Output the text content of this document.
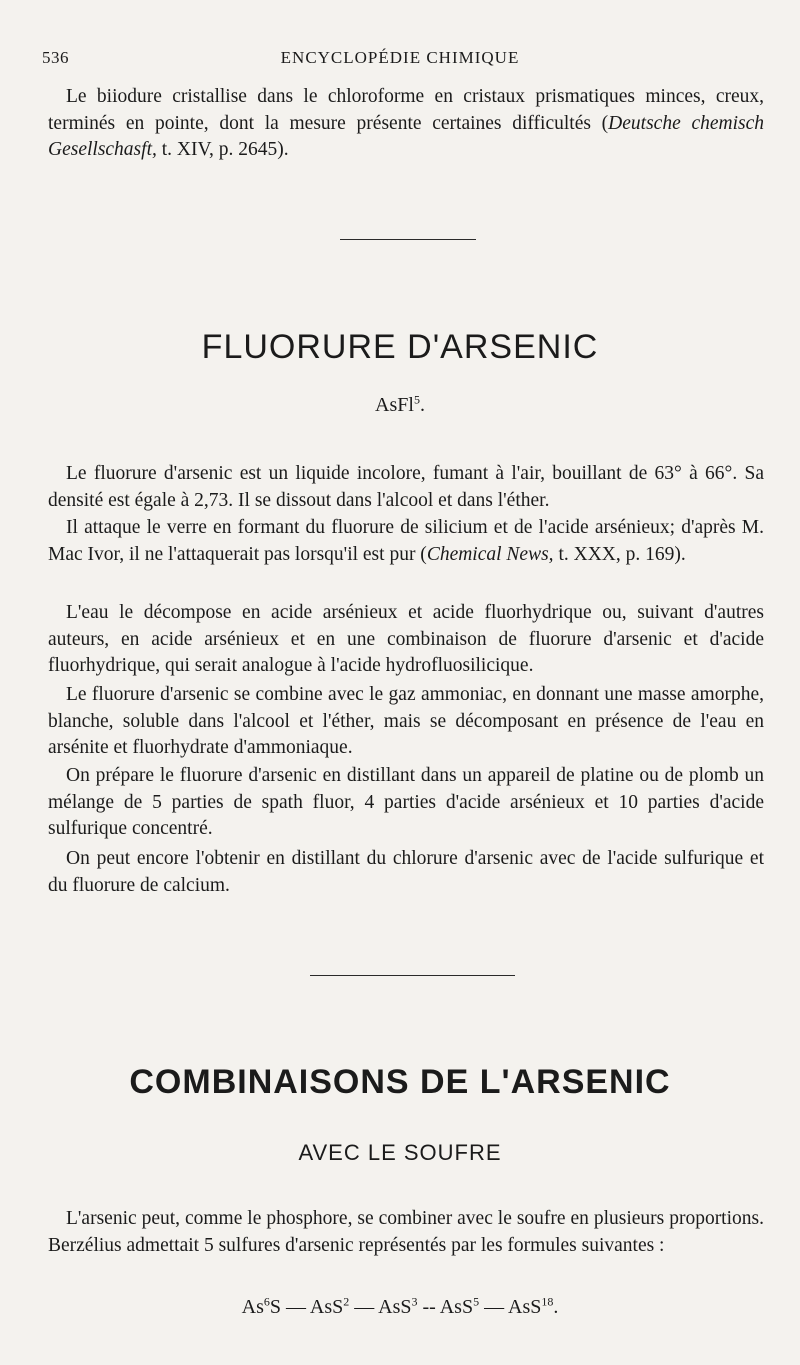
536	ENCYCLOPÉDIE CHIMIQUE

Le biiodure cristallise dans le chloroforme en cristaux prismatiques minces, creux, terminés en pointe, dont la mesure présente certaines difficultés (Deutsche chemisch Gesellschasft, t. XIV, p. 2645).

FLUORURE D'ARSENIC
AsFl$^5$.

Le fluorure d'arsenic est un liquide incolore, fumant à l'air, bouillant de 63° à 66°. Sa densité est égale à 2,73. Il se dissout dans l'alcool et dans l'éther.

Il attaque le verre en formant du fluorure de silicium et de l'acide arsénieux; d'après M. Mac Ivor, il ne l'attaquerait pas lorsqu'il est pur (Chemical News, t. XXX, p. 169).

L'eau le décompose en acide arsénieux et acide fluorhydrique ou, suivant d'autres auteurs, en acide arsénieux et en une combinaison de fluorure d'arsenic et d'acide fluorhydrique, qui serait analogue à l'acide hydrofluosilicique.

Le fluorure d'arsenic se combine avec le gaz ammoniac, en donnant une masse amorphe, blanche, soluble dans l'alcool et l'éther, mais se décomposant en présence de l'eau en arsénite et fluorhydrate d'ammoniaque.

On prépare le fluorure d'arsenic en distillant dans un appareil de platine ou de plomb un mélange de 5 parties de spath fluor, 4 parties d'acide arsénieux et 10 parties d'acide sulfurique concentré.

On peut encore l'obtenir en distillant du chlorure d'arsenic avec de l'acide sulfurique et du fluorure de calcium.

COMBINAISONS DE L'ARSENIC
AVEC LE SOUFRE

L'arsenic peut, comme le phosphore, se combiner avec le soufre en plusieurs proportions. Berzélius admettait 5 sulfures d'arsenic représentés par les formules suivantes :

As$^6$S — AsS$^2$ — AsS$^3$ -- AsS$^5$ — AsS$^{18}$.
